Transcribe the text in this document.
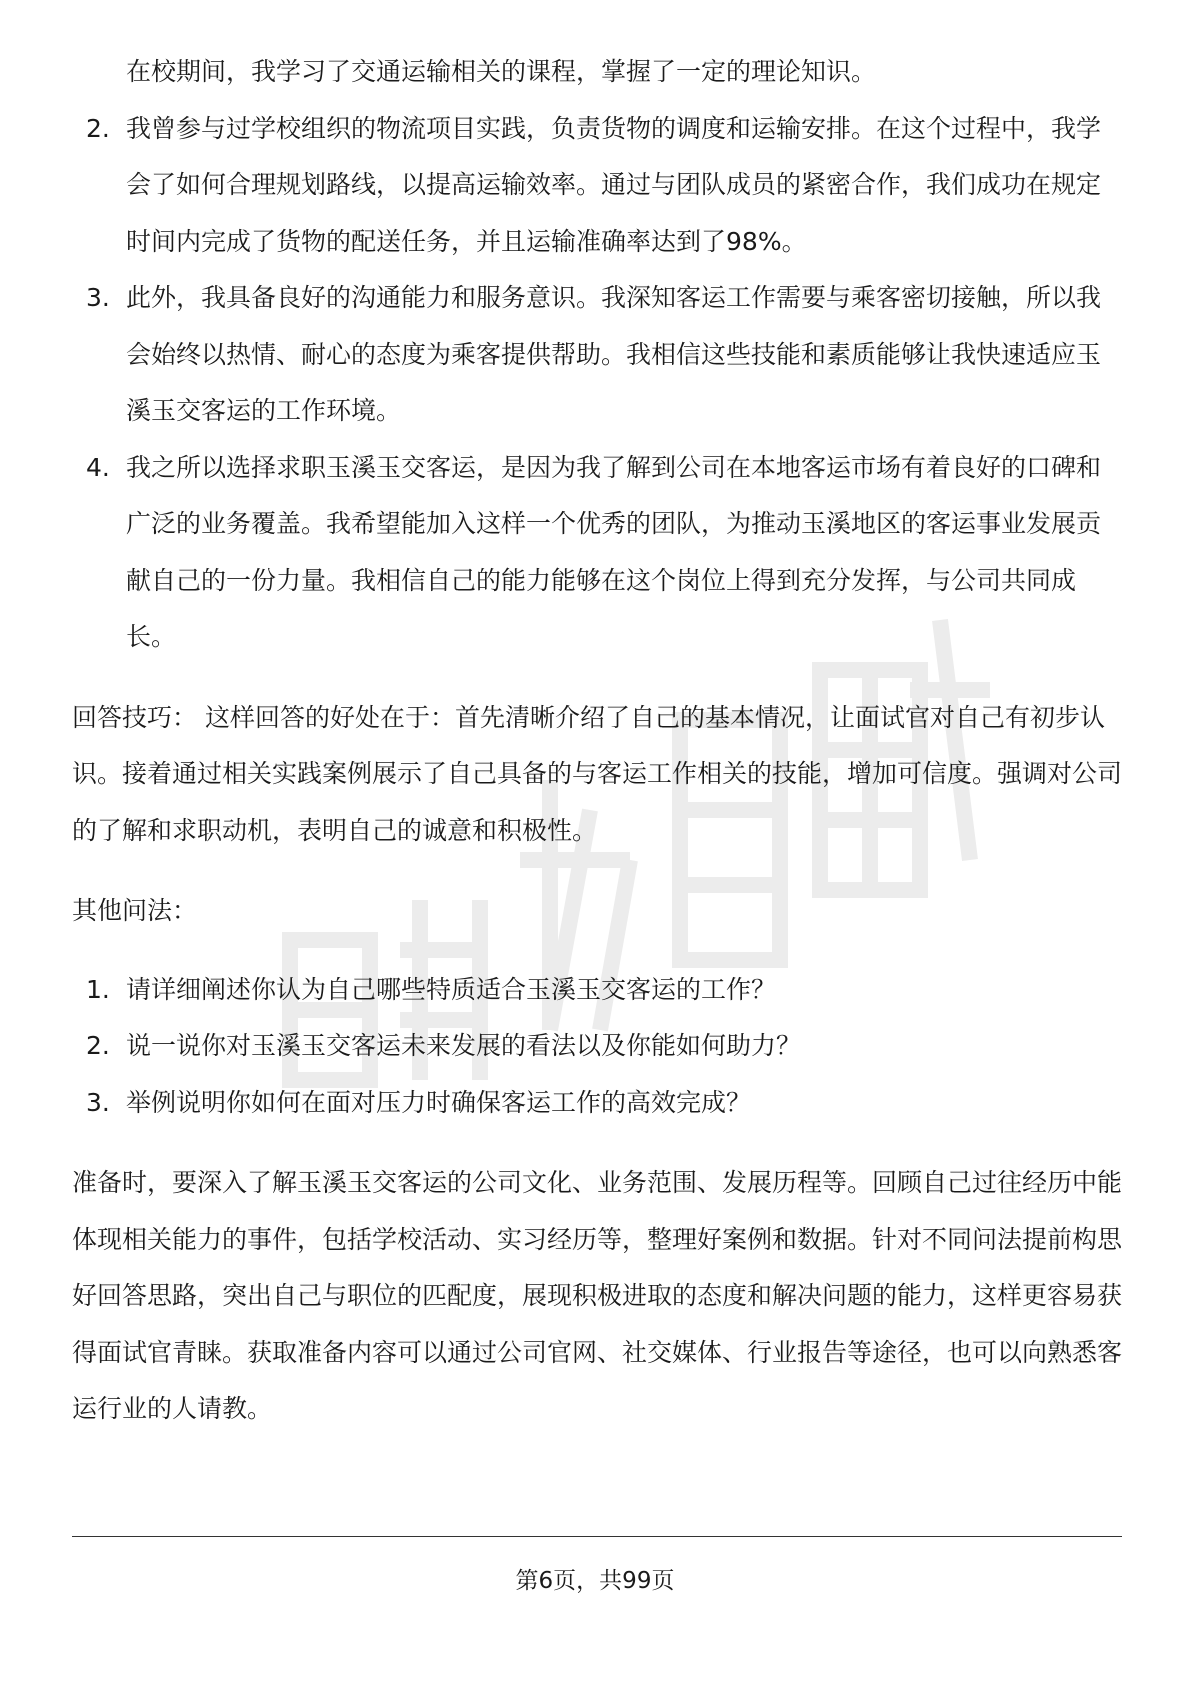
在校期间，我学习了交通运输相关的课程，掌握了一定的理论知识。

2. 我曾参与过学校组织的物流项目实践，负责货物的调度和运输安排。在这个过程中，我学会了如何合理规划路线，以提高运输效率。通过与团队成员的紧密合作，我们成功在规定时间内完成了货物的配送任务，并且运输准确率达到了98%。

3. 此外，我具备良好的沟通能力和服务意识。我深知客运工作需要与乘客密切接触，所以我会始终以热情、耐心的态度为乘客提供帮助。我相信这些技能和素质能够让我快速适应玉溪玉交客运的工作环境。

4. 我之所以选择求职玉溪玉交客运，是因为我了解到公司在本地客运市场有着良好的口碑和广泛的业务覆盖。我希望能加入这样一个优秀的团队，为推动玉溪地区的客运事业发展贡献自己的一份力量。我相信自己的能力能够在这个岗位上得到充分发挥，与公司共同成长。

回答技巧： 这样回答的好处在于：首先清晰介绍了自己的基本情况，让面试官对自己有初步认识。接着通过相关实践案例展示了自己具备的与客运工作相关的技能，增加可信度。强调对公司的了解和求职动机，表明自己的诚意和积极性。

其他问法：

1. 请详细阐述你认为自己哪些特质适合玉溪玉交客运的工作？

2. 说一说你对玉溪玉交客运未来发展的看法以及你能如何助力？

3. 举例说明你如何在面对压力时确保客运工作的高效完成？

准备时，要深入了解玉溪玉交客运的公司文化、业务范围、发展历程等。回顾自己过往经历中能体现相关能力的事件，包括学校活动、实习经历等，整理好案例和数据。针对不同问法提前构思好回答思路，突出自己与职位的匹配度，展现积极进取的态度和解决问题的能力，这样更容易获得面试官青睐。获取准备内容可以通过公司官网、社交媒体、行业报告等途径，也可以向熟悉客运行业的人请教。

第6页，共99页
